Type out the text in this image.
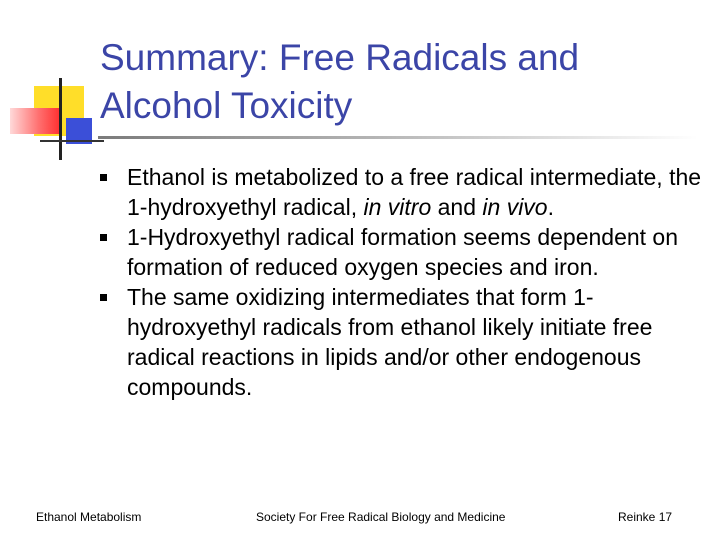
Summary: Free Radicals and Alcohol Toxicity
Ethanol is metabolized to a free radical intermediate, the 1-hydroxyethyl radical, in vitro and in vivo.
1-Hydroxyethyl radical formation seems dependent on formation of reduced oxygen species and iron.
The same oxidizing intermediates that form 1-hydroxyethyl radicals from ethanol likely initiate free radical reactions in lipids and/or other endogenous compounds.
Ethanol Metabolism	Society For Free Radical Biology and Medicine	Reinke 17
